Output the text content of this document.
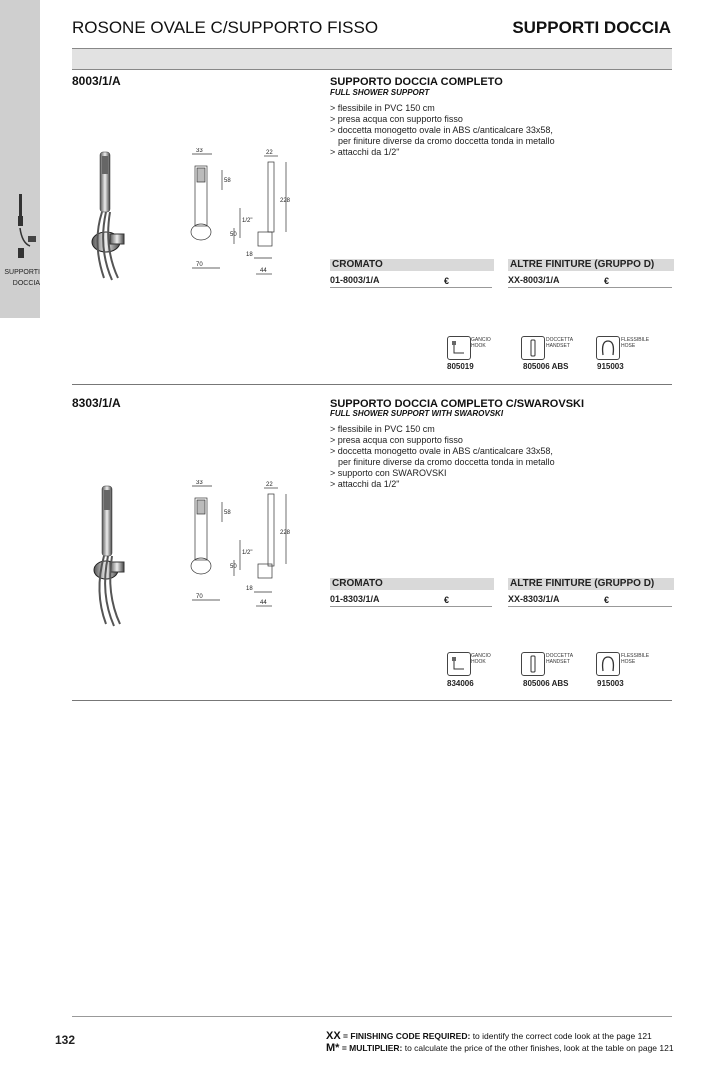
SUPPORTI
DOCCIA
ROSONE OVALE C/SUPPORTO FISSO	SUPPORTI DOCCIA
8003/1/A	SUPPORTO DOCCIA COMPLETO
FULL SHOWER SUPPORT
> flessibile in PVC 150 cm
> presa acqua con supporto fisso
> doccetta monogetto ovale in ABS c/anticalcare 33x58,
per finiture diverse da cromo doccetta tonda in metallo
> attacchi da 1/2"
33
58
1/2"
50
70
22
228
18
44
CROMATO	ALTRE FINITURE (GRUPPO D)
01-8003/1/A	€	XX-8003/1/A	€
GANCIO
HOOK
805019
DOCCETTA
HANDSET
805006 ABS
FLESSIBILE
HOSE
915003
8303/1/A	SUPPORTO DOCCIA COMPLETO C/SWAROVSKI
FULL SHOWER SUPPORT WITH SWAROVSKI
> flessibile in PVC 150 cm
> presa acqua con supporto fisso
> doccetta monogetto ovale in ABS c/anticalcare 33x58,
per finiture diverse da cromo doccetta tonda in metallo
> supporto con SWAROVSKI
> attacchi da 1/2"
33
58
1/2"
50
70
22
228
18
44
CROMATO	ALTRE FINITURE (GRUPPO D)
01-8303/1/A	€	XX-8303/1/A	€
GANCIO
HOOK
834006
DOCCETTA
HANDSET
805006 ABS
FLESSIBILE
HOSE
915003
132	XX = FINISHING CODE REQUIRED: to identify the correct code look at the page 121
M* = MULTIPLIER: to calculate the price of the other finishes, look at the table on page 121
